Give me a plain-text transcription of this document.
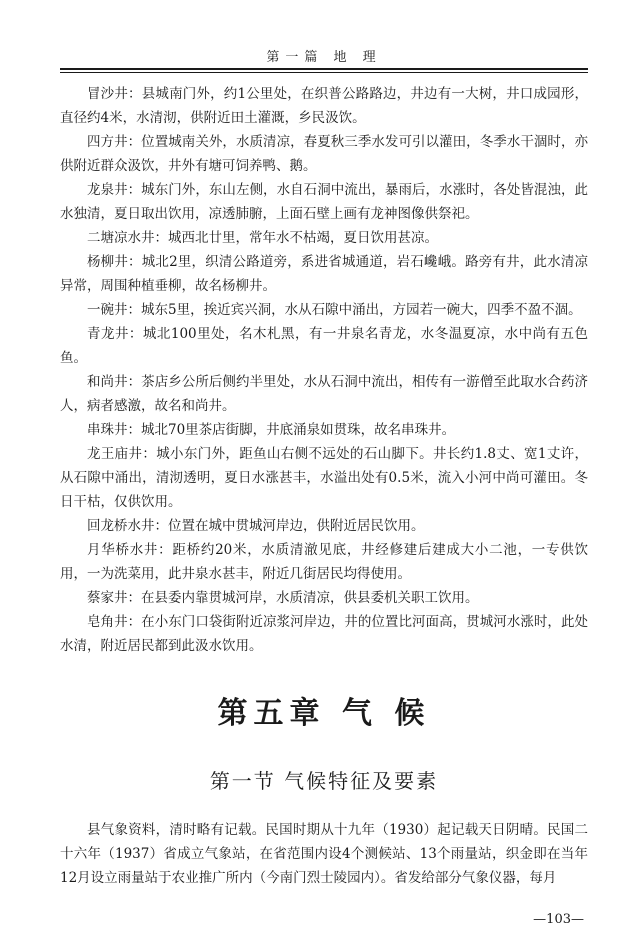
第一篇 地 理

冒沙井：县城南门外，约1公里处，在织普公路路边，井边有一大树，井口成园形，直径约4米，水清沏，供附近田土灌溉，乡民汲饮。

四方井：位置城南关外，水质清凉，春夏秋三季水发可引以灌田，冬季水干涸时，亦供附近群众汲饮，井外有塘可饲养鸭、鹅。

龙泉井：城东门外，东山左侧，水自石洞中流出，暴雨后，水涨时，各处皆混浊，此水独清，夏日取出饮用，凉透肺腑，上面石壁上画有龙神图像供祭祀。

二塘凉水井：城西北廿里，常年水不枯竭，夏日饮用甚凉。

杨柳井：城北2里，织清公路道旁，系进省城通道，岩石巉峨。路旁有井，此水清凉异常，周围种植垂柳，故名杨柳井。

一碗井：城东5里，挨近宾兴洞，水从石隙中涌出，方园若一碗大，四季不盈不涸。

青龙井：城北100里处，名木札黑，有一井泉名青龙，水冬温夏凉，水中尚有五色鱼。

和尚井：茶店乡公所后侧约半里处，水从石洞中流出，相传有一游僧至此取水合药济人，病者感激，故名和尚井。

串珠井：城北70里茶店街脚，井底涌泉如贯珠，故名串珠井。

龙王庙井：城小东门外，距鱼山右侧不远处的石山脚下。井长约1.8丈、宽1丈许，从石隙中涌出，清沏透明，夏日水涨甚丰，水溢出处有0.5米，流入小河中尚可灌田。冬日干枯，仅供饮用。

回龙桥水井：位置在城中贯城河岸边，供附近居民饮用。

月华桥水井：距桥约20米，水质清澈见底，井经修建后建成大小二池，一专供饮用，一为洗菜用，此井泉水甚丰，附近几街居民均得使用。

蔡家井：在县委内靠贯城河岸，水质清凉，供县委机关职工饮用。

皂角井：在小东门口袋街附近凉浆河岸边，井的位置比河面高，贯城河水涨时，此处水清，附近居民都到此汲水饮用。

第五章 气 候
第一节 气候特征及要素

县气象资料，清时略有记载。民国时期从十九年（1930）起记载天日阴晴。民国二十六年（1937）省成立气象站，在省范围内设4个测候站、13个雨量站，织金即在当年12月设立雨量站于农业推广所内（今南门烈士陵园内）。省发给部分气象仪器，每月

—103—
